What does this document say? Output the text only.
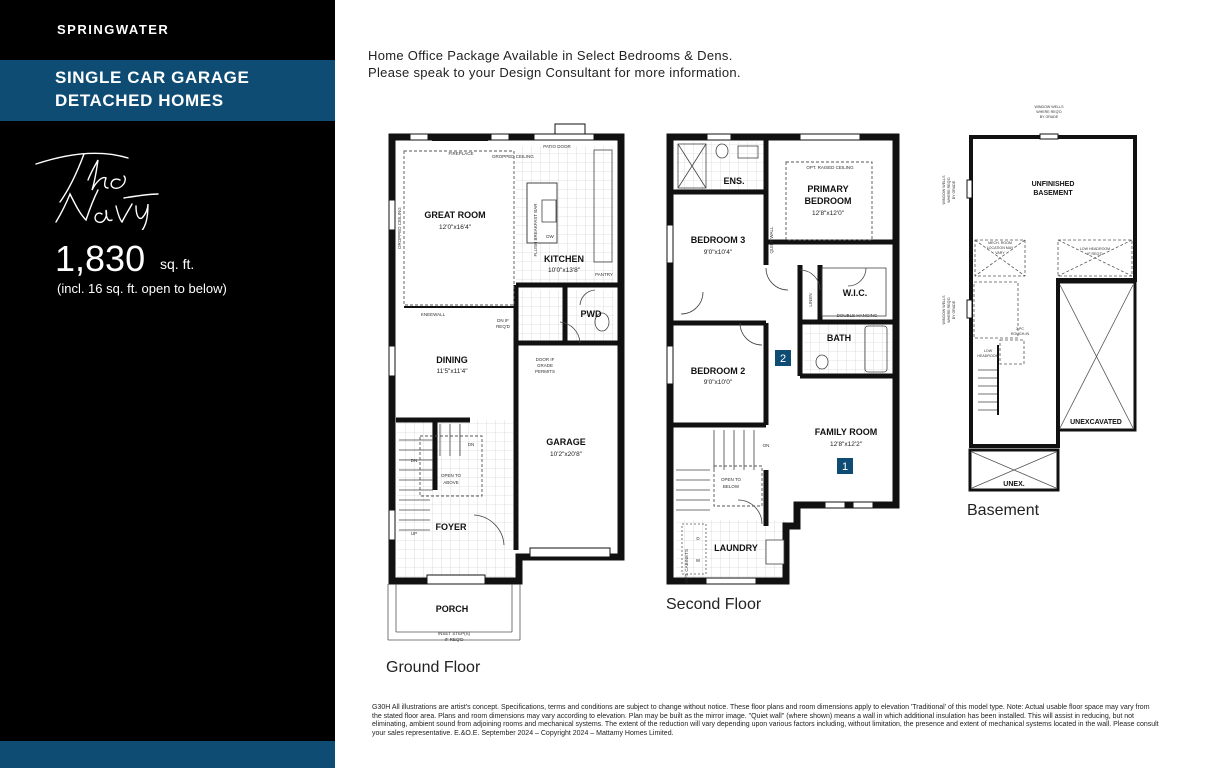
SPRINGWATER
SINGLE CAR GARAGE
DETACHED HOMES
1,830 sq. ft.
(incl. 16 sq. ft. open to below)
Home Office Package Available in Select Bedrooms & Dens.
Please speak to your Design Consultant for more information.
GREAT ROOM
KITCHEN
DINING
GARAGE
PWD
FOYER
PORCH
12'0"x16'4"
10'0"x13'8"
11'5"x11'4"
10'2"x20'8"
FIREPLACE
DROPPED CEILING
PATIO DOOR
KNEEWALL
DN IF
REQ'D
DOOR IF
GRADE
PERMITS
DW
PANTRY
DN
DN
UP
OPEN TO
ABOVE
INSET STEP(S)
IF REQ'D
FLUSH BREAKFAST BAR
DROPPED CEILING
ENS.
PRIMARY
BEDROOM
BEDROOM 3
BEDROOM 2
W.I.C.
BATH
FAMILY ROOM
LAUNDRY
12'8"x12'0"
9'0"x10'4"
9'0"x10'0"
12'8"x12'2"
OPT. RAISED CEILING
DOUBLE HANGING
ON
OPEN TO
BELOW
D
W
QUIET WALL
LINEN
OPT. CABINETS
2
1
UNFINISHED
BASEMENT
UNEXCAVATED
UNEX.
WINDOW WELLS
WHERE REQ'D
BY GRADE
LOW HEADROOM
IF REQ'D
MECH. ROOM
LOCATION MAY
VARY
3 PC
ROUGH-IN
LOW
HEADROOM
WINDOW WELLS WHERE REQ'D BY GRADE
WINDOW WELLS WHERE REQ'D BY GRADE
Ground Floor
Second Floor
Basement
G30H All illustrations are artist's concept. Specifications, terms and conditions are subject to change without notice. These floor plans and room dimensions apply to elevation 'Traditional' of this model type. Note: Actual usable floor space may vary from the stated floor area. Plans and room dimensions may vary according to elevation. Plan may be built as the mirror image. "Quiet wall" (where shown) means a wall in which additional insulation has been installed. This will assist in reducing, but not eliminating, ambient sound from adjoining rooms and mechanical systems. The extent of the reduction will vary depending upon various factors including, without limitation, the presence and extent of mechanical systems located in the wall. Please consult your sales representative. E.&O.E. September 2024 – Copyright 2024 – Mattamy Homes Limited.
